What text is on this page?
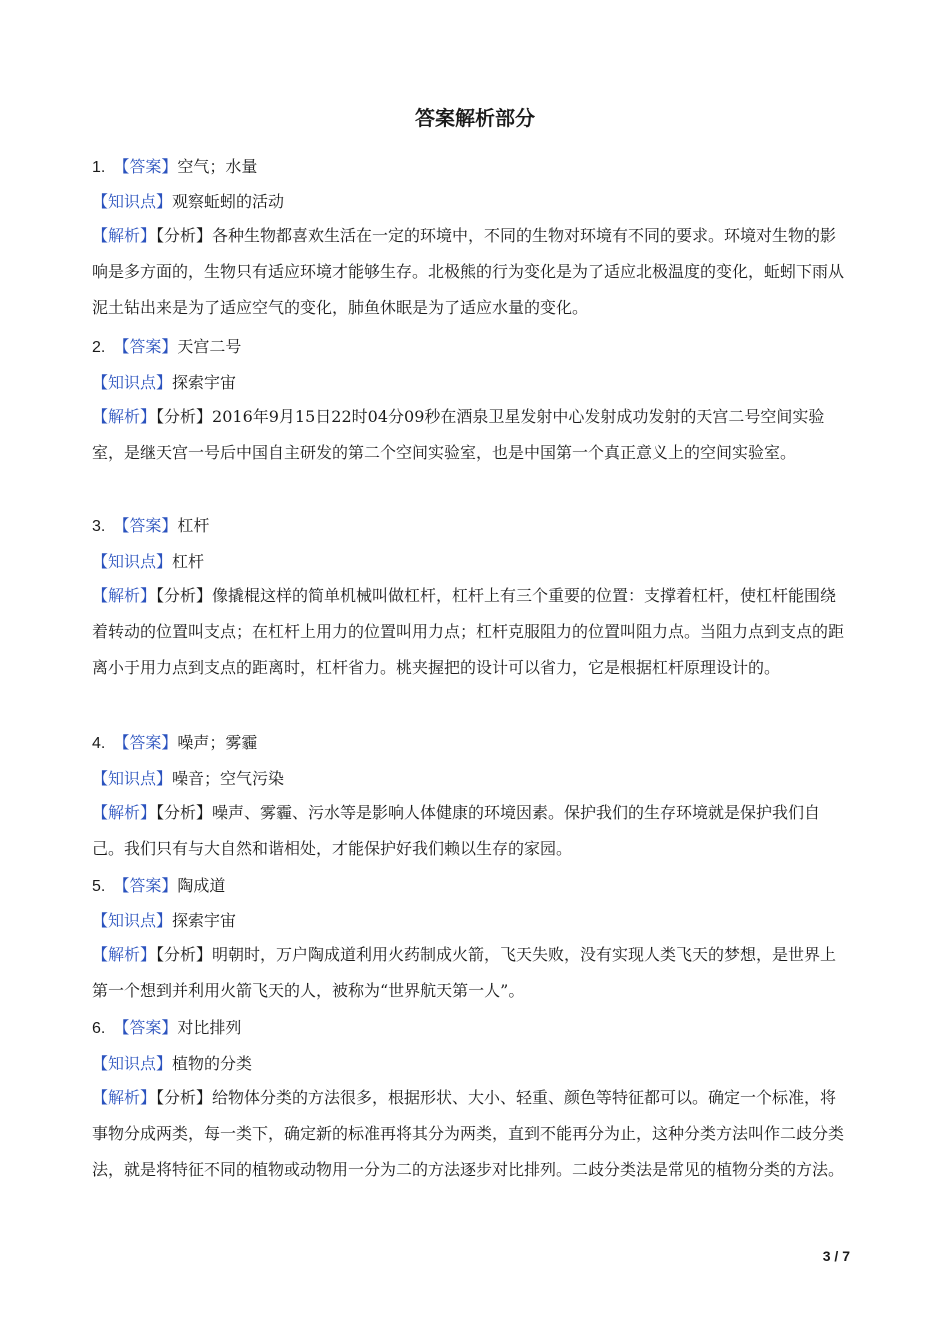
答案解析部分
1. 【答案】空气；水量
【知识点】观察蚯蚓的活动
【解析】【分析】各种生物都喜欢生活在一定的环境中，不同的生物对环境有不同的要求。环境对生物的影响是多方面的，生物只有适应环境才能够生存。北极熊的行为变化是为了适应北极温度的变化，蚯蚓下雨从泥土钻出来是为了适应空气的变化，肺鱼休眠是为了适应水量的变化。
2. 【答案】天宫二号
【知识点】探索宇宙
【解析】【分析】2016年9月15日22时04分09秒在酒泉卫星发射中心发射成功发射的天宫二号空间实验室，是继天宫一号后中国自主研发的第二个空间实验室，也是中国第一个真正意义上的空间实验室。
3. 【答案】杠杆
【知识点】杠杆
【解析】【分析】像撬棍这样的简单机械叫做杠杆，杠杆上有三个重要的位置：支撑着杠杆，使杠杆能围绕着转动的位置叫支点；在杠杆上用力的位置叫用力点；杠杆克服阻力的位置叫阻力点。当阻力点到支点的距离小于用力点到支点的距离时，杠杆省力。桃夹握把的设计可以省力，它是根据杠杆原理设计的。
4. 【答案】噪声；雾霾
【知识点】噪音；空气污染
【解析】【分析】噪声、雾霾、污水等是影响人体健康的环境因素。保护我们的生存环境就是保护我们自己。我们只有与大自然和谐相处，才能保护好我们赖以生存的家园。
5. 【答案】陶成道
【知识点】探索宇宙
【解析】【分析】明朝时，万户陶成道利用火药制成火箭，飞天失败，没有实现人类飞天的梦想，是世界上第一个想到并利用火箭飞天的人，被称为“世界航天第一人”。
6. 【答案】对比排列
【知识点】植物的分类
【解析】【分析】给物体分类的方法很多，根据形状、大小、轻重、颜色等特征都可以。确定一个标准，将事物分成两类，每一类下，确定新的标准再将其分为两类，直到不能再分为止，这种分类方法叫作二歧分类法，就是将特征不同的植物或动物用一分为二的方法逐步对比排列。二歧分类法是常见的植物分类的方法。
3 / 7
